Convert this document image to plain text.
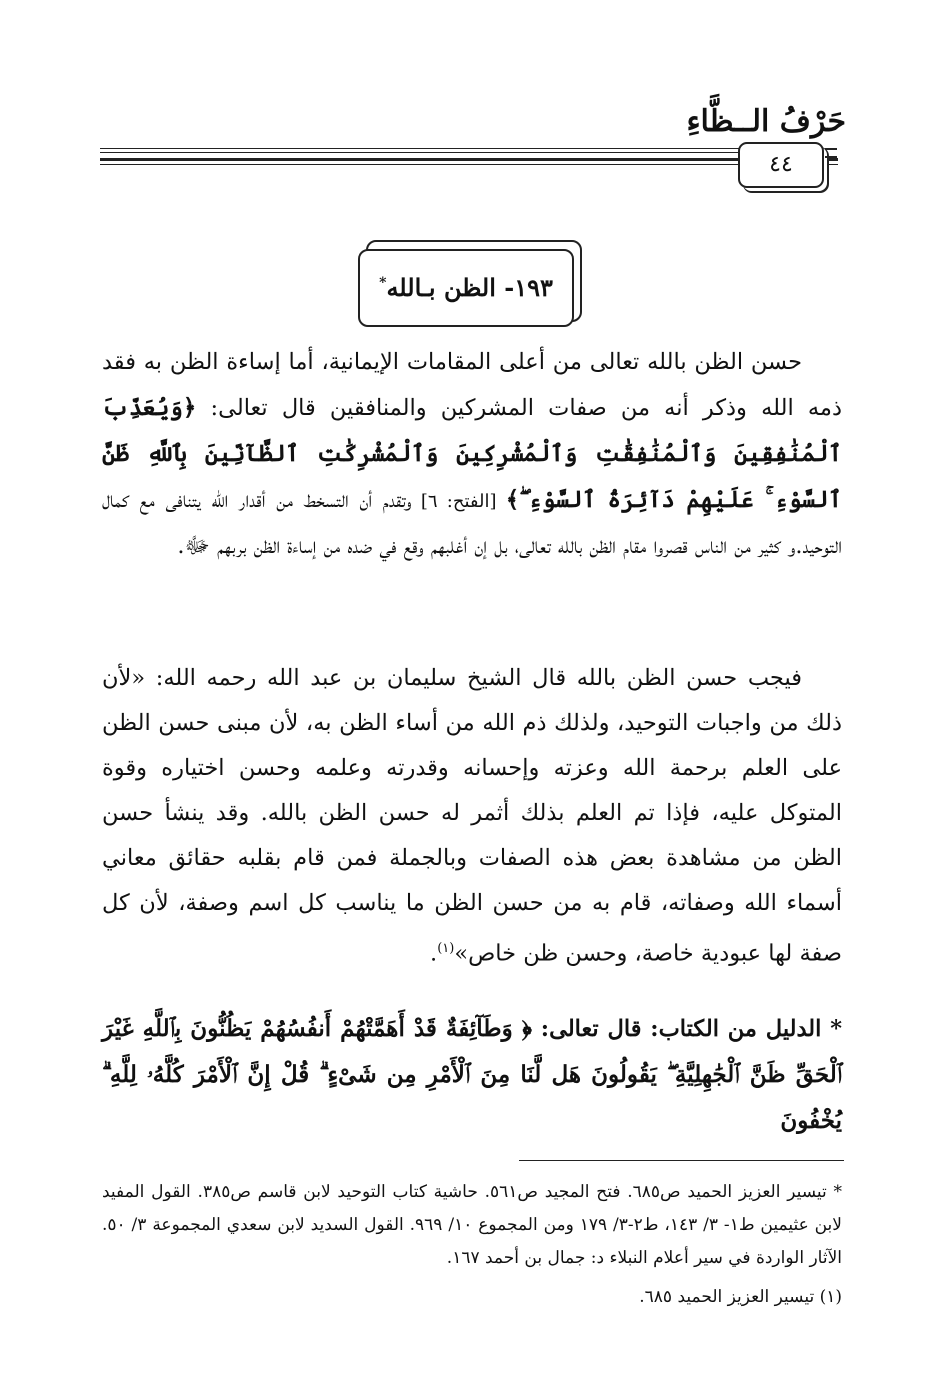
حَرْفُ الــظَّاءِ
٤٤
١٩٣- الظن بـالله*
حسن الظن بالله تعالى من أعلى المقامات الإيمانية، أما إساءة الظن به فقد ذمه الله وذكر أنه من صفات المشركين والمنافقين قال تعالى: ﴿وَيُعَذِّبَ ٱلْمُنَٰفِقِينَ وَٱلْمُنَٰفِقَٰتِ وَٱلْمُشْرِكِينَ وَٱلْمُشْرِكَٰتِ ٱلظَّآنِّينَ بِٱللَّهِ ظَنَّ ٱلسَّوْءِ ۚ عَلَيْهِمْ دَآئِرَةُ ٱلسَّوْءِ ۖ﴾ [الفتح: ٦] وتقدم أن التسخط من أقدار الله يتنافى مع كمال التوحيد.و كثير من الناس قصروا مقام الظن بالله تعالى، بل إن أغلبهم وقع في ضده من إساءة الظن بربهم ﷻ.
فيجب حسن الظن بالله قال الشيخ سليمان بن عبد الله رحمه الله: «لأن ذلك من واجبات التوحيد، ولذلك ذم الله من أساء الظن به، لأن مبنى حسن الظن على العلم برحمة الله وعزته وإحسانه وقدرته وعلمه وحسن اختياره وقوة المتوكل عليه، فإذا تم العلم بذلك أثمر له حسن الظن بالله. وقد ينشأ حسن الظن من مشاهدة بعض هذه الصفات وبالجملة فمن قام بقلبه حقائق معاني أسماء الله وصفاته، قام به من حسن الظن ما يناسب كل اسم وصفة، لأن كل صفة لها عبودية خاصة، وحسن ظن خاص»$^{(١)}$.
* الدليل من الكتاب: قال تعالى: ﴿ وَطَآئِفَةٌ قَدْ أَهَمَّتْهُمْ أَنفُسُهُمْ يَظُنُّونَ بِٱللَّهِ غَيْرَ ٱلْحَقِّ ظَنَّ ٱلْجَٰهِلِيَّةِ ۖ يَقُولُونَ هَل لَّنَا مِنَ ٱلْأَمْرِ مِن شَىْءٍ ۗ قُلْ إِنَّ ٱلْأَمْرَ كُلَّهُۥ لِلَّهِ ۗ يُخْفُونَ

* تيسير العزيز الحميد ص٦٨٥. فتح المجيد ص٥٦١. حاشية كتاب التوحيد لابن قاسم ص٣٨٥. القول المفيد لابن عثيمين ط١- ٣/ ١٤٣، ط٢-٣/ ١٧٩ ومن المجموع ١٠/ ٩٦٩. القول السديد لابن سعدي المجموعة ٣/ ٥٠. الآثار الواردة في سير أعلام النبلاء د: جمال بن أحمد ١٦٧.

(١) تيسير العزيز الحميد ٦٨٥.
